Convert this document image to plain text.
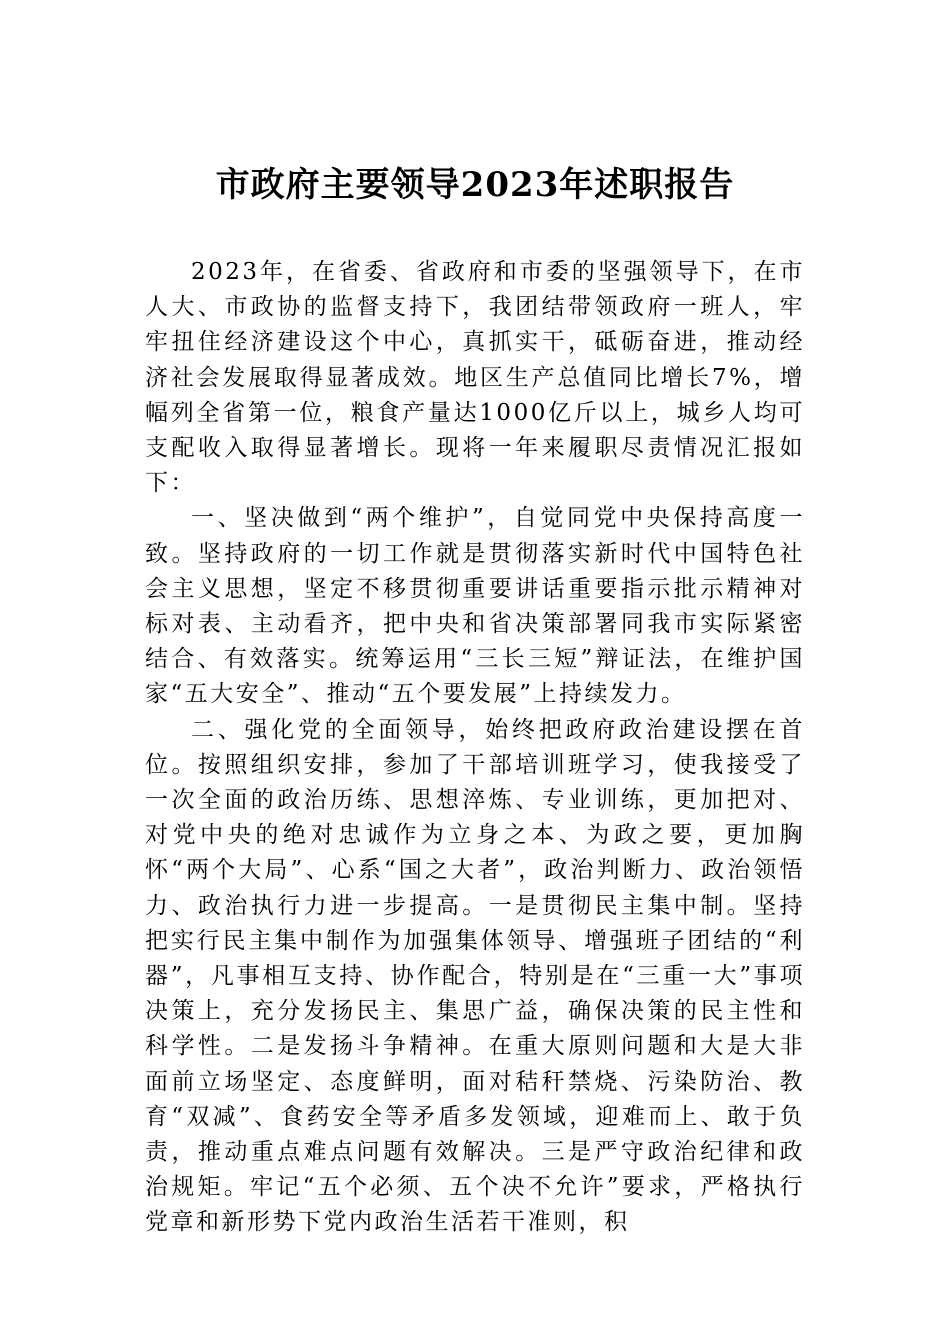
市政府主要领导2023年述职报告

2023年，在省委、省政府和市委的坚强领导下，在市人大、市政协的监督支持下，我团结带领政府一班人，牢牢扭住经济建设这个中心，真抓实干，砥砺奋进，推动经济社会发展取得显著成效。地区生产总值同比增长7%，增幅列全省第一位，粮食产量达1000亿斤以上，城乡人均可支配收入取得显著增长。现将一年来履职尽责情况汇报如下：

一、坚决做到“两个维护”，自觉同党中央保持高度一致。坚持政府的一切工作就是贯彻落实新时代中国特色社会主义思想，坚定不移贯彻重要讲话重要指示批示精神对标对表、主动看齐，把中央和省决策部署同我市实际紧密结合、有效落实。统筹运用“三长三短”辩证法，在维护国家“五大安全”、推动“五个要发展”上持续发力。

二、强化党的全面领导，始终把政府政治建设摆在首位。按照组织安排，参加了干部培训班学习，使我接受了一次全面的政治历练、思想淬炼、专业训练，更加把对、对党中央的绝对忠诚作为立身之本、为政之要，更加胸怀“两个大局”、心系“国之大者”，政治判断力、政治领悟力、政治执行力进一步提高。一是贯彻民主集中制。坚持把实行民主集中制作为加强集体领导、增强班子团结的“利器”，凡事相互支持、协作配合，特别是在“三重一大”事项决策上，充分发扬民主、集思广益，确保决策的民主性和科学性。二是发扬斗争精神。在重大原则问题和大是大非面前立场坚定、态度鲜明，面对秸秆禁烧、污染防治、教育“双减”、食药安全等矛盾多发领域，迎难而上、敢于负责，推动重点难点问题有效解决。三是严守政治纪律和政治规矩。牢记“五个必须、五个决不允许”要求，严格执行党章和新形势下党内政治生活若干准则，积
